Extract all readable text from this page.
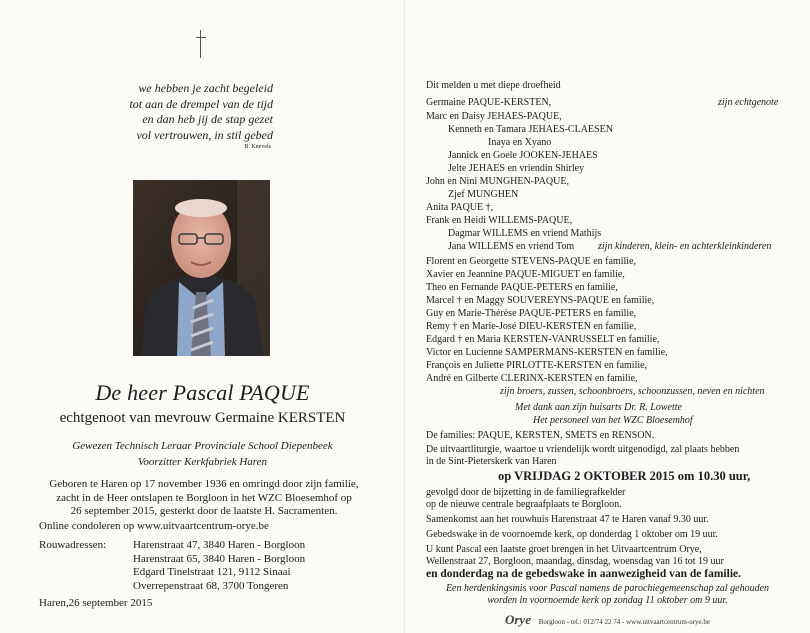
we hebben je zacht begeleid
tot aan de drempel van de tijd
en dan heb jij de stap gezet
vol vertrouwen, in stil gebed
B. Knevels
De heer Pascal PAQUE
echtgenoot van mevrouw Germaine KERSTEN
Gewezen Technisch Leraar Provinciale School Diepenbeek
Voorzitter Kerkfabriek Haren
Geboren te Haren op 17 november 1936 en omringd door zijn familie,
zacht in de Heer ontslapen te Borgloon in het WZC Bloesemhof op
26 september 2015, gesterkt door de laatste H. Sacramenten.
Online condoleren op www.uitvaartcentrum-orye.be
Rouwadressen: Harenstraat 47, 3840 Haren - Borgloon
Harenstraat 65, 3840 Haren - Borgloon
Edgard Tinelstraat 121, 9112 Sinaai
Overrepenstraat 68, 3700 Tongeren
Haren,26 september 2015
Dit melden u met diepe droefheid
Germaine PAQUE-KERSTEN,	zijn echtgenote
Marc en Daisy JEHAES-PAQUE,
Kenneth en Tamara JEHAES-CLAESEN
Inaya en Xyano
Jannick en Goele JOOKEN-JEHAES
Jelte JEHAES en vriendin Shirley
John en Nini MUNGHEN-PAQUE,
Zjef MUNGHEN
Anita PAQUE †,
Frank en Heidi WILLEMS-PAQUE,
Dagmar WILLEMS en vriend Mathijs
Jana WILLEMS en vriend Tom zijn kinderen, klein- en achterkleinkinderen
Florent en Georgette STEVENS-PAQUE en familie,
Xavier en Jeannine PAQUE-MIGUET en familie,
Theo en Fernande PAQUE-PETERS en familie,
Marcel † en Maggy SOUVEREYNS-PAQUE en familie,
Guy en Marie-Thérèse PAQUE-PETERS en familie,
Remy † en Marie-José DIEU-KERSTEN en familie,
Edgard † en Maria KERSTEN-VANRUSSELT en familie,
Victor en Lucienne SAMPERMANS-KERSTEN en familie,
François en Juliette PIRLOTTE-KERSTEN en familie,
André en Gilberte CLERINX-KERSTEN en familie,
zijn broers, zussen, schoonbroers, schoonzussen, neven en nichten
Met dank aan zijn huisarts Dr. R. Lowette
Het personeel van het WZC Bloesemhof
De families: PAQUE, KERSTEN, SMETS en RENSON.
De uitvaartliturgie, waartoe u vriendelijk wordt uitgenodigd, zal plaats hebben
in de Sint-Pieterskerk van Haren
op VRIJDAG 2 OKTOBER 2015 om 10.30 uur,
gevolgd door de bijzetting in de familiegrafkelder
op de nieuwe centrale begraafplaats te Borgloon.
Samenkomst aan het rouwhuis Harenstraat 47 te Haren vanaf 9.30 uur.
Gebedswake in de voornoemde kerk, op donderdag 1 oktober om 19 uur.
U kunt Pascal een laatste groet brengen in het Uitvaartcentrum Orye,
Wellenstraat 27, Borgloon, maandag, dinsdag, woensdag van 16 tot 19 uur
en donderdag na de gebedswake in aanwezigheid van de familie.
Een herdenkingsmis voor Pascal namens de parochiegemeenschap zal gehouden
worden in voornoemde kerk op zondag 11 oktober om 9 uur.
Orye Borgloon - tel.: 012/74 22 74 - www.uitvaartcentrum-orye.be
